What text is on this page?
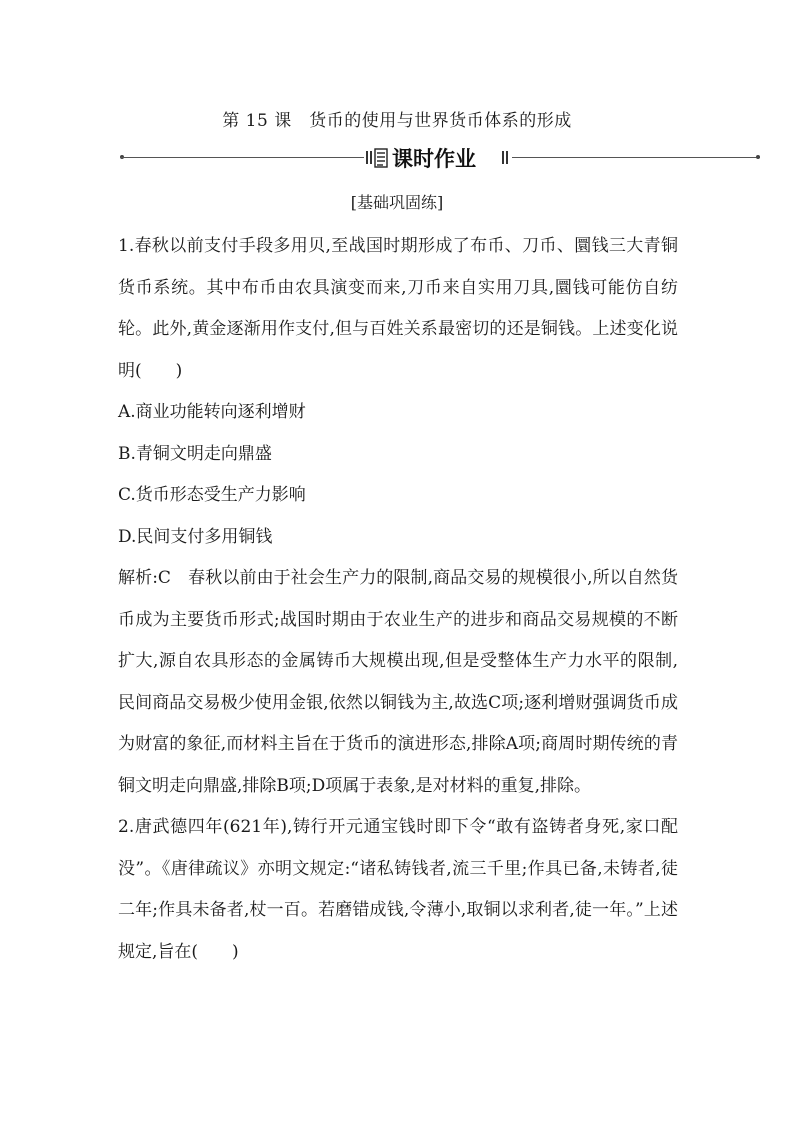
第 15 课　货币的使用与世界货币体系的形成
课时作业
[基础巩固练]

1.春秋以前支付手段多用贝,至战国时期形成了布币、刀币、圜钱三大青铜货币系统。其中布币由农具演变而来,刀币来自实用刀具,圜钱可能仿自纺轮。此外,黄金逐渐用作支付,但与百姓关系最密切的还是铜钱。上述变化说明(　　)

A.商业功能转向逐利增财

B.青铜文明走向鼎盛

C.货币形态受生产力影响

D.民间支付多用铜钱

解析:C　春秋以前由于社会生产力的限制,商品交易的规模很小,所以自然货币成为主要货币形式;战国时期由于农业生产的进步和商品交易规模的不断扩大,源自农具形态的金属铸币大规模出现,但是受整体生产力水平的限制,民间商品交易极少使用金银,依然以铜钱为主,故选C项;逐利增财强调货币成为财富的象征,而材料主旨在于货币的演进形态,排除A项;商周时期传统的青铜文明走向鼎盛,排除B项;D项属于表象,是对材料的重复,排除。

2.唐武德四年(621年),铸行开元通宝钱时即下令“敢有盗铸者身死,家口配没”。《唐律疏议》亦明文规定:“诸私铸钱者,流三千里;作具已备,未铸者,徒二年;作具未备者,杖一百。若磨错成钱,令薄小,取铜以求利者,徒一年。”上述规定,旨在(　　)
